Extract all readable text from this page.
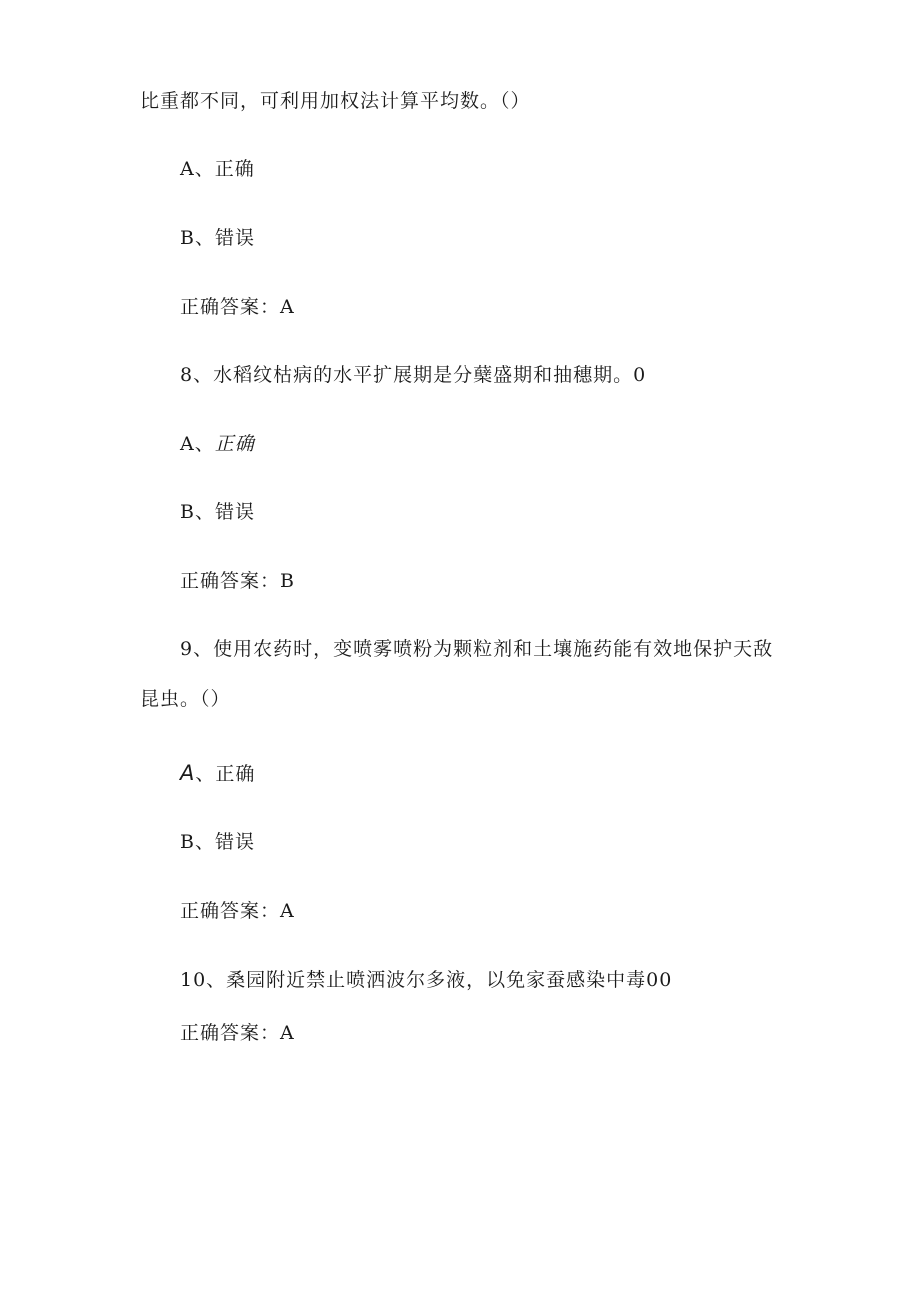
比重都不同，可利用加权法计算平均数。（）
A、正确
B、错误
正确答案：A
8、水稻纹枯病的水平扩展期是分蘖盛期和抽穗期。0
A、正确
B、错误
正确答案：B
9、使用农药时，变喷雾喷粉为颗粒剂和土壤施药能有效地保护天敌
昆虫。（）
A、正确
B、错误
正确答案：A
10、桑园附近禁止喷洒波尔多液，以免家蚕感染中毒00
正确答案：A
